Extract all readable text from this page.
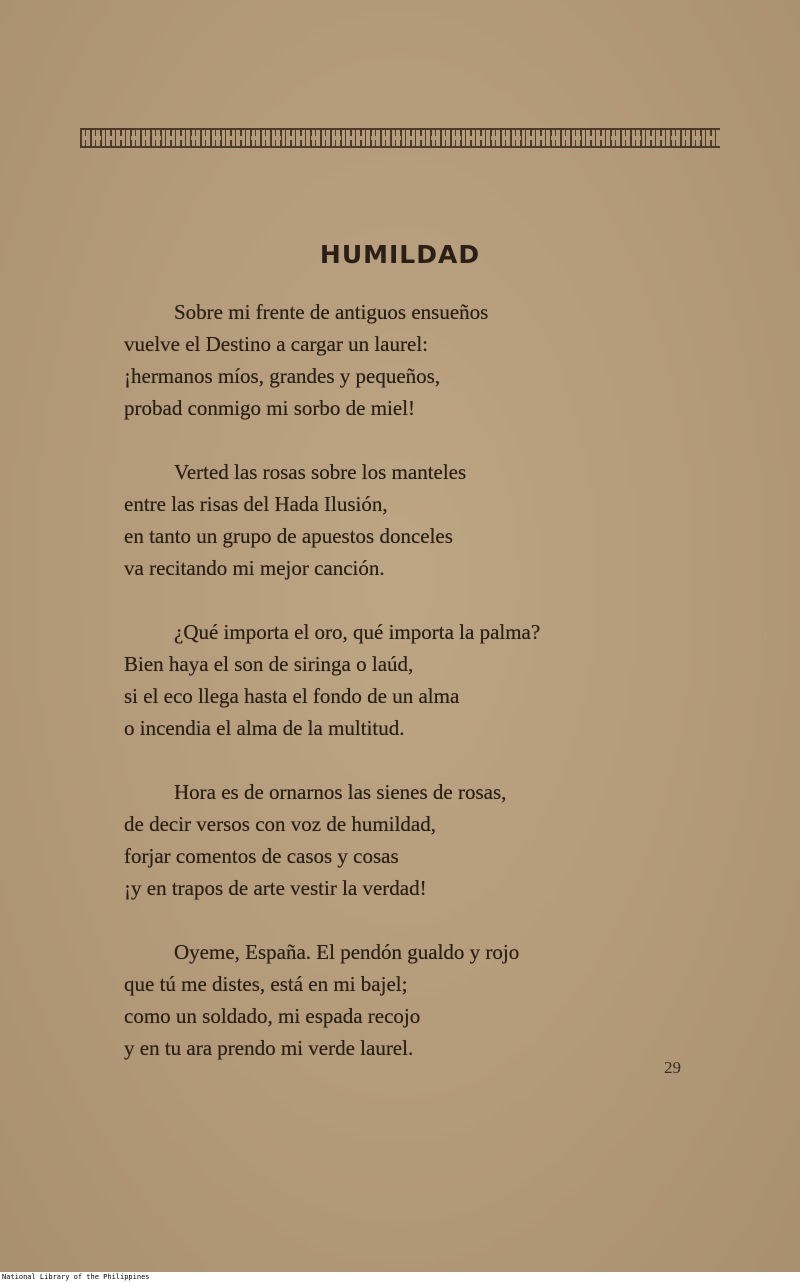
HUMILDAD
Sobre mi frente de antiguos ensueños
vuelve el Destino a cargar un laurel:
¡hermanos míos, grandes y pequeños,
probad conmigo mi sorbo de miel!
Verted las rosas sobre los manteles
entre las risas del Hada Ilusión,
en tanto un grupo de apuestos donceles
va recitando mi mejor canción.
¿Qué importa el oro, qué importa la palma?
Bien haya el son de siringa o laúd,
si el eco llega hasta el fondo de un alma
o incendia el alma de la multitud.
Hora es de ornarnos las sienes de rosas,
de decir versos con voz de humildad,
forjar comentos de casos y cosas
¡y en trapos de arte vestir la verdad!
Oyeme, España. El pendón gualdo y rojo
que tú me distes, está en mi bajel;
como un soldado, mi espada recojo
y en tu ara prendo mi verde laurel.
29
National Library of the Philippines
